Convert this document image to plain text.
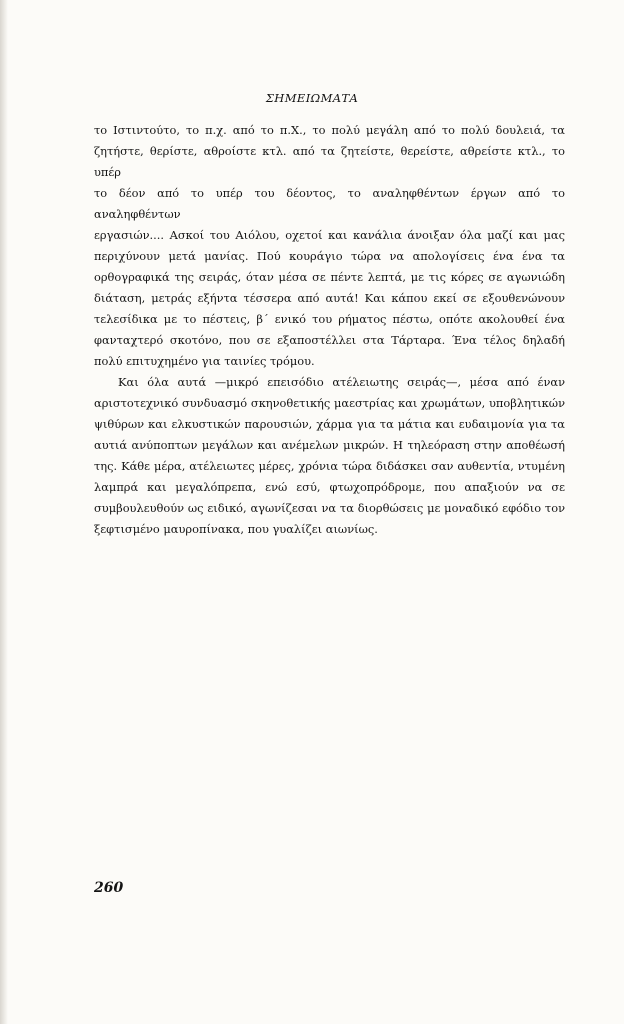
ΣΗΜΕΙΩΜΑΤΑ

το Ιστιντούτο, το π.χ. από το π.Χ., το πολύ μεγάλη από το πολύ δουλειά, τα

ζητήστε, θερίστε, αθροίστε κτλ. από τα ζητείστε, θερείστε, αθρείστε κτλ., το υπέρ

το δέον από το υπέρ του δέοντος, το αναληφθέντων έργων από το αναληφθέντων

εργασιών.... Ασκοί του Αιόλου, οχετοί και κανάλια άνοιξαν όλα μαζί και μας

περιχύνουν μετά μανίας. Πού κουράγιο τώρα να απολογίσεις ένα ένα τα

ορθογραφικά της σειράς, όταν μέσα σε πέντε λεπτά, με τις κόρες σε αγωνιώδη

διάταση, μετράς εξήντα τέσσερα από αυτά! Και κάπου εκεί σε εξουθενώνουν

τελεσίδικα με το πέστεις, β΄ ενικό του ρήματος πέστω, οπότε ακολουθεί ένα

φανταχτερό σκοτόνο, που σε εξαποστέλλει στα Τάρταρα. Ένα τέλος δηλαδή

πολύ επιτυχημένο για ταινίες τρόμου.

Και όλα αυτά —μικρό επεισόδιο ατέλειωτης σειράς—, μέσα από έναν

αριστοτεχνικό συνδυασμό σκηνοθετικής μαεστρίας και χρωμάτων, υποβλητικών

ψιθύρων και ελκυστικών παρουσιών, χάρμα για τα μάτια και ευδαιμονία για τα

αυτιά ανύποπτων μεγάλων και ανέμελων μικρών. Η τηλεόραση στην αποθέωσή

της. Κάθε μέρα, ατέλειωτες μέρες, χρόνια τώρα διδάσκει σαν αυθεντία, ντυμένη

λαμπρά και μεγαλόπρεπα, ενώ εσύ, φτωχοπρόδρομε, που απαξιούν να σε

συμβουλευθούν ως ειδικό, αγωνίζεσαι να τα διορθώσεις με μοναδικό εφόδιο τον

ξεφτισμένο μαυροπίνακα, που γυαλίζει αιωνίως.

260
